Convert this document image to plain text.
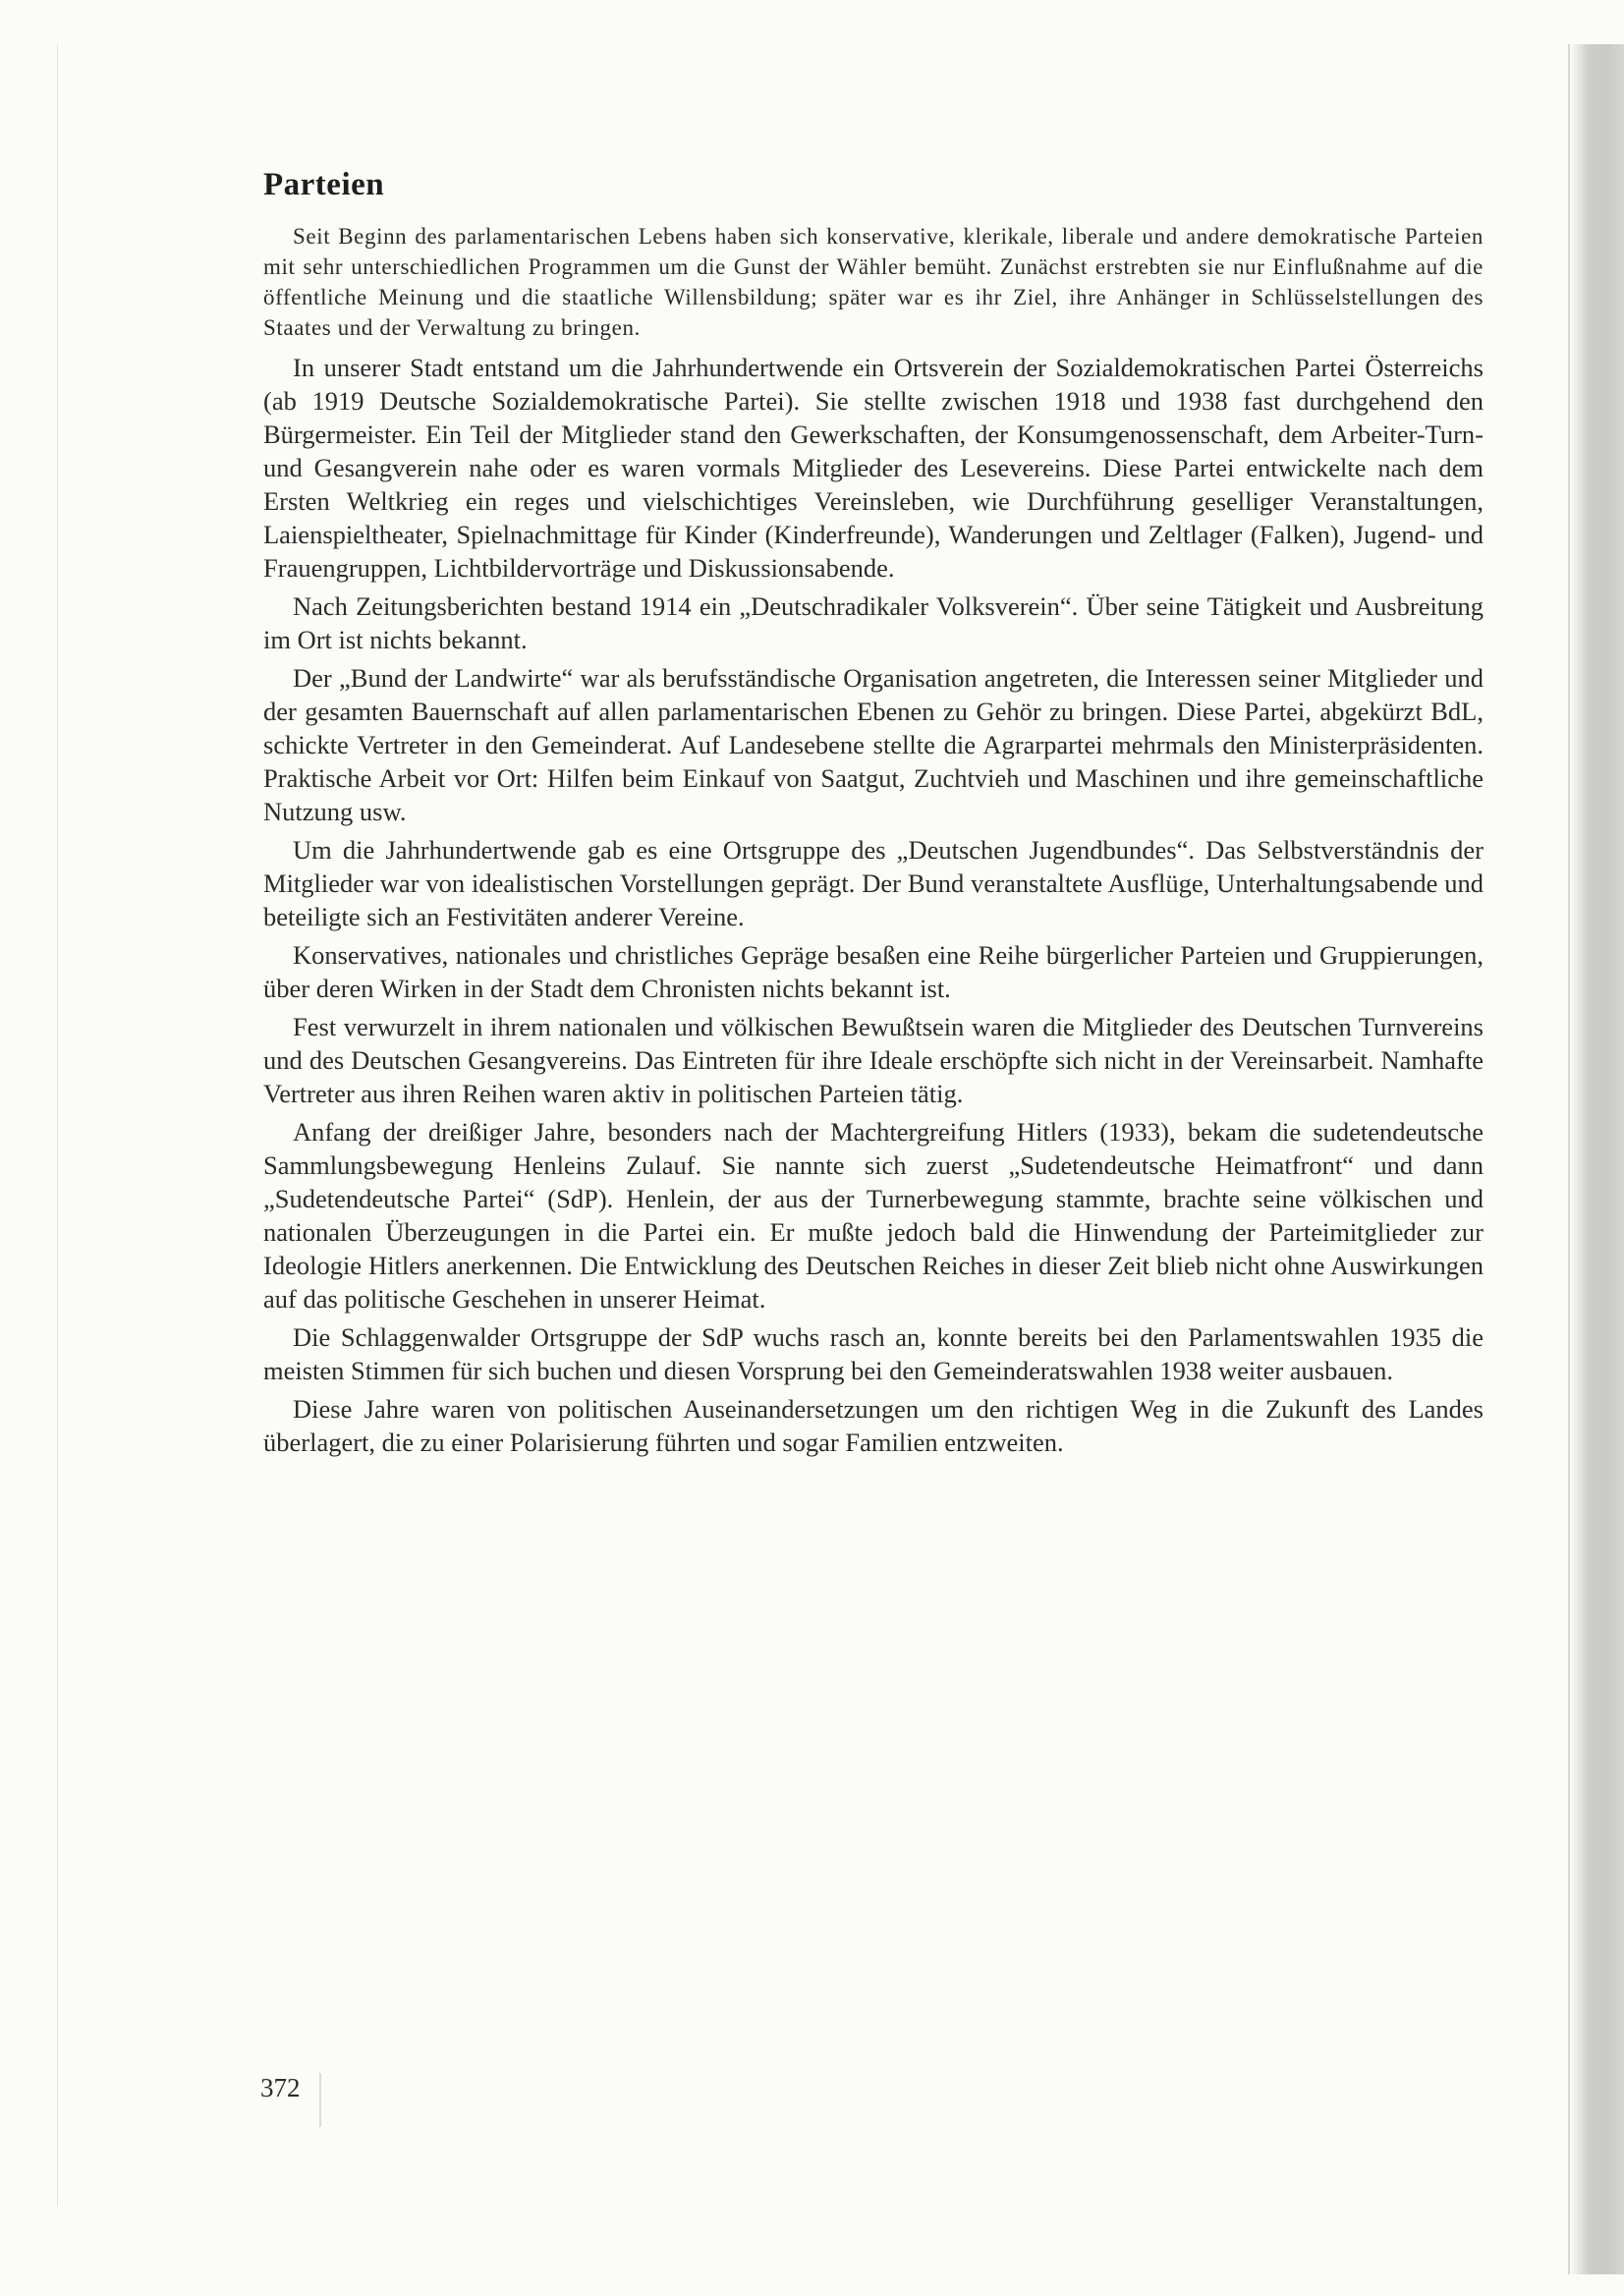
Parteien

Seit Beginn des parlamentarischen Lebens haben sich konservative, klerikale, liberale und andere demokratische Parteien mit sehr unterschiedlichen Programmen um die Gunst der Wähler bemüht. Zunächst erstrebten sie nur Einflußnahme auf die öffentliche Meinung und die staatliche Willensbildung; später war es ihr Ziel, ihre Anhänger in Schlüsselstellungen des Staates und der Verwaltung zu bringen.

In unserer Stadt entstand um die Jahrhundertwende ein Ortsverein der Sozialdemokratischen Partei Österreichs (ab 1919 Deutsche Sozialdemokratische Partei). Sie stellte zwischen 1918 und 1938 fast durchgehend den Bürgermeister. Ein Teil der Mitglieder stand den Gewerkschaften, der Konsumgenossenschaft, dem Arbeiter-Turn- und Gesangverein nahe oder es waren vormals Mitglieder des Lesevereins. Diese Partei entwickelte nach dem Ersten Weltkrieg ein reges und vielschichtiges Vereinsleben, wie Durchführung geselliger Veranstaltungen, Laienspieltheater, Spielnachmittage für Kinder (Kinderfreunde), Wanderungen und Zeltlager (Falken), Jugend- und Frauengruppen, Lichtbildervorträge und Diskussionsabende.

Nach Zeitungsberichten bestand 1914 ein „Deutschradikaler Volksverein“. Über seine Tätigkeit und Ausbreitung im Ort ist nichts bekannt.

Der „Bund der Landwirte“ war als berufsständische Organisation angetreten, die Interessen seiner Mitglieder und der gesamten Bauernschaft auf allen parlamentarischen Ebenen zu Gehör zu bringen. Diese Partei, abgekürzt BdL, schickte Vertreter in den Gemeinderat. Auf Landesebene stellte die Agrarpartei mehrmals den Ministerpräsidenten. Praktische Arbeit vor Ort: Hilfen beim Einkauf von Saatgut, Zuchtvieh und Maschinen und ihre gemeinschaftliche Nutzung usw.

Um die Jahrhundertwende gab es eine Ortsgruppe des „Deutschen Jugendbundes“. Das Selbstverständnis der Mitglieder war von idealistischen Vorstellungen geprägt. Der Bund veranstaltete Ausflüge, Unterhaltungsabende und beteiligte sich an Festivitäten anderer Vereine.

Konservatives, nationales und christliches Gepräge besaßen eine Reihe bürgerlicher Parteien und Gruppierungen, über deren Wirken in der Stadt dem Chronisten nichts bekannt ist.

Fest verwurzelt in ihrem nationalen und völkischen Bewußtsein waren die Mitglieder des Deutschen Turnvereins und des Deutschen Gesangvereins. Das Eintreten für ihre Ideale erschöpfte sich nicht in der Vereinsarbeit. Namhafte Vertreter aus ihren Reihen waren aktiv in politischen Parteien tätig.

Anfang der dreißiger Jahre, besonders nach der Machtergreifung Hitlers (1933), bekam die sudetendeutsche Sammlungsbewegung Henleins Zulauf. Sie nannte sich zuerst „Sudetendeutsche Heimatfront“ und dann „Sudetendeutsche Partei“ (SdP). Henlein, der aus der Turnerbewegung stammte, brachte seine völkischen und nationalen Überzeugungen in die Partei ein. Er mußte jedoch bald die Hinwendung der Parteimitglieder zur Ideologie Hitlers anerkennen. Die Entwicklung des Deutschen Reiches in dieser Zeit blieb nicht ohne Auswirkungen auf das politische Geschehen in unserer Heimat.

Die Schlaggenwalder Ortsgruppe der SdP wuchs rasch an, konnte bereits bei den Parlamentswahlen 1935 die meisten Stimmen für sich buchen und diesen Vorsprung bei den Gemeinderatswahlen 1938 weiter ausbauen.

Diese Jahre waren von politischen Auseinandersetzungen um den richtigen Weg in die Zukunft des Landes überlagert, die zu einer Polarisierung führten und sogar Familien entzweiten.

372
